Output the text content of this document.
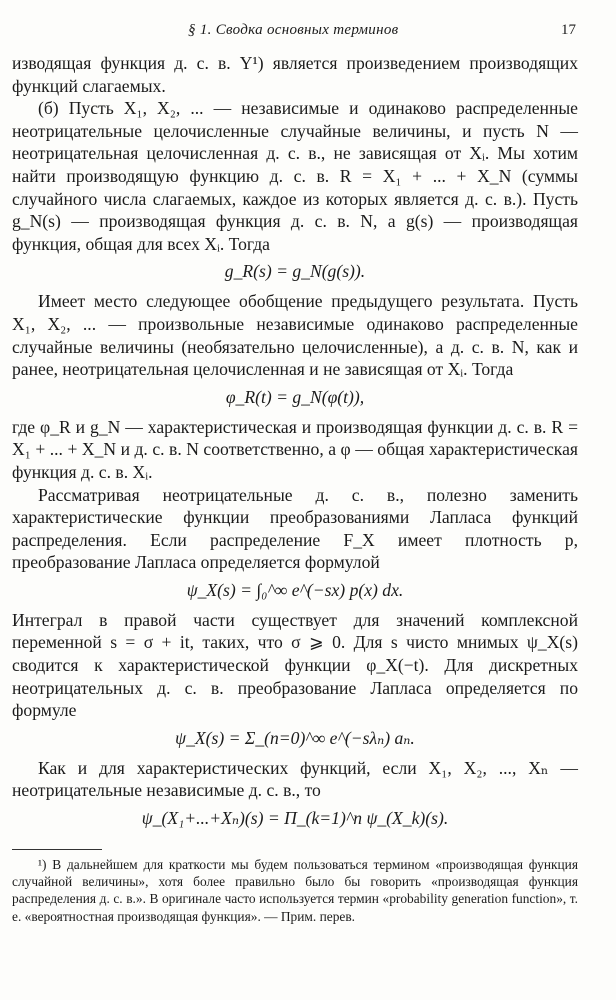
§ 1. Сводка основных терминов	17

изводящая функция д. с. в. Y¹) является произведением производящих функций слагаемых.

(б) Пусть X₁, X₂, ... — независимые и одинаково распределенные неотрицательные целочисленные случайные величины, и пусть N — неотрицательная целочисленная д. с. в., не зависящая от Xᵢ. Мы хотим найти производящую функцию д. с. в. R = X₁ + ... + X_N (суммы случайного числа слагаемых, каждое из которых является д. с. в.). Пусть g_N(s) — производящая функция д. с. в. N, а g(s) — производящая функция, общая для всех Xᵢ. Тогда

g_R(s) = g_N(g(s)).

Имеет место следующее обобщение предыдущего результата. Пусть X₁, X₂, ... — произвольные независимые одинаково распределенные случайные величины (необязательно целочисленные), а д. с. в. N, как и ранее, неотрицательная целочисленная и не зависящая от Xᵢ. Тогда

φ_R(t) = g_N(φ(t)),

где φ_R и g_N — характеристическая и производящая функции д. с. в. R = X₁ + ... + X_N и д. с. в. N соответственно, а φ — общая характеристическая функция д. с. в. Xᵢ.

Рассматривая неотрицательные д. с. в., полезно заменить характеристические функции преобразованиями Лапласа функций распределения. Если распределение F_X имеет плотность p, преобразование Лапласа определяется формулой

ψ_X(s) = ∫₀^∞ e^(−sx) p(x) dx.

Интеграл в правой части существует для значений комплексной переменной s = σ + it, таких, что σ ⩾ 0. Для s чисто мнимых ψ_X(s) сводится к характеристической функции φ_X(−t). Для дискретных неотрицательных д. с. в. преобразование Лапласа определяется по формуле

ψ_X(s) = Σ_(n=0)^∞ e^(−sλₙ) aₙ.

Как и для характеристических функций, если X₁, X₂, ..., Xₙ — неотрицательные независимые д. с. в., то

ψ_(X₁+...+Xₙ)(s) = Π_(k=1)^n ψ_(X_k)(s).

¹) В дальнейшем для краткости мы будем пользоваться термином «производящая функция случайной величины», хотя более правильно было бы говорить «производящая функция распределения д. с. в.». В оригинале часто используется термин «probability generation function», т. е. «вероятностная производящая функция». — Прим. перев.
